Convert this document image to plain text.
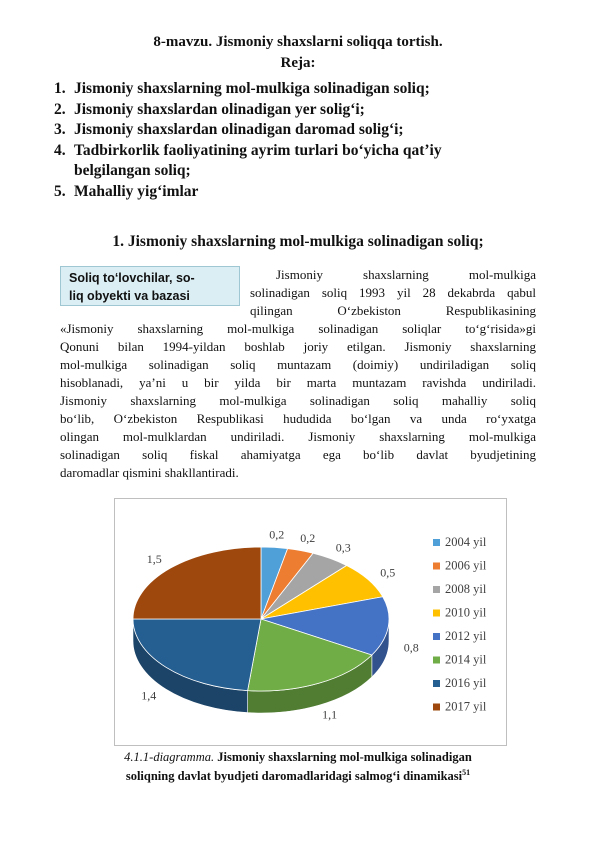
8-mavzu. Jismoniy shaxslarni soliqqa tortish.
Reja:
1. Jismoniy shaxslarning mol-mulkiga solinadigan soliq;
2. Jismoniy shaxslardan olinadigan yer solig‘i;
3. Jismoniy shaxslardan olinadigan daromad solig‘i;
4. Tadbirkorlik faoliyatining ayrim turlari bo‘yicha qat’iy
belgilangan soliq;
5. Mahalliy yig‘imlar
1. Jismoniy shaxslarning mol-mulkiga solinadigan soliq;
Soliq to‘lovchilar, so-
liq obyekti va bazasi
Jismoniy shaxslarning mol-mulkiga
solinadigan soliq 1993 yil 28 dekabrda qabul
qilingan O‘zbekiston Respublikasining
«Jismoniy shaxslarning mol-mulkiga solinadigan soliqlar to‘g‘risida»gi
Qonuni bilan 1994-yildan boshlab joriy etilgan. Jismoniy shaxslarning
mol-mulkiga solinadigan soliq muntazam (doimiy) undiriladigan soliq
hisoblanadi, ya’ni u bir yilda bir marta muntazam ravishda undiriladi.
Jismoniy shaxslarning mol-mulkiga solinadigan soliq mahalliy soliq
bo‘lib, O‘zbekiston Respublikasi hududida bo‘lgan va unda ro‘yxatga
olingan mol-mulklardan undiriladi. Jismoniy shaxslarning mol-mulkiga
solinadigan soliq fiskal ahamiyatga ega bo‘lib davlat byudjetining
daromadlar qismini shakllantiradi.
0,2 0,2
0,3
0,5
0,8
1,1
1,4
1,5
2004 yil
2006 yil
2008 yil
2010 yil
2012 yil
2014 yil
2016 yil
2017 yil
4.1.1-diagramma. Jismoniy shaxslarning mol-mulkiga solinadigan
soliqning davlat byudjeti daromadlaridagi salmog‘i dinamikasi$^{51}$
